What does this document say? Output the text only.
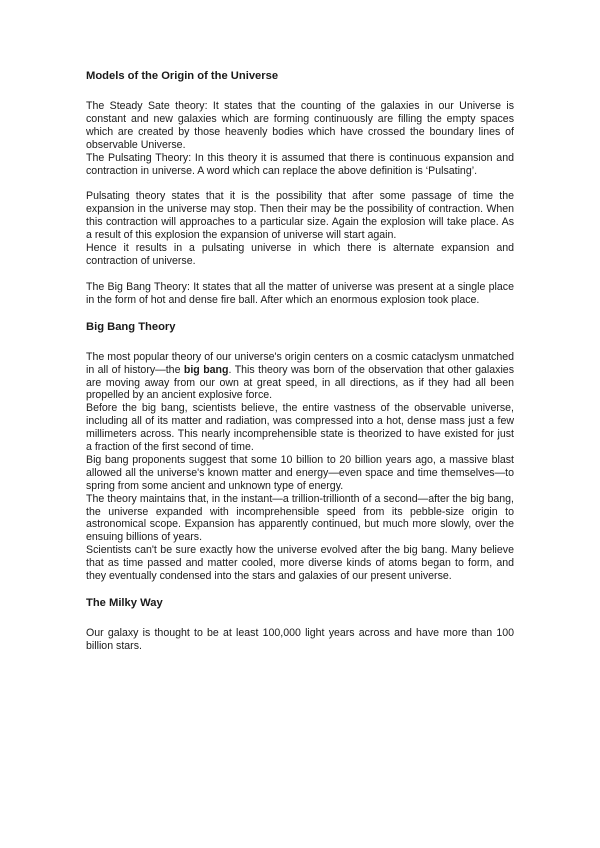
Models of the Origin of the Universe

The Steady Sate theory: It states that the counting of the galaxies in our Universe is constant and new galaxies which are forming continuously are filling the empty spaces which are created by those heavenly bodies which have crossed the boundary lines of observable Universe.

The Pulsating Theory: In this theory it is assumed that there is continuous expansion and contraction in universe. A word which can replace the above definition is ‘Pulsating’.

Pulsating theory states that it is the possibility that after some passage of time the expansion in the universe may stop. Then their may be the possibility of contraction. When this contraction will approaches to a particular size. Again the explosion will take place. As a result of this explosion the expansion of universe will start again.

Hence it results in a pulsating universe in which there is alternate expansion and contraction of universe.

The Big Bang Theory: It states that all the matter of universe was present at a single place in the form of hot and dense fire ball. After which an enormous explosion took place.

Big Bang Theory

The most popular theory of our universe's origin centers on a cosmic cataclysm unmatched in all of history—the big bang. This theory was born of the observation that other galaxies are moving away from our own at great speed, in all directions, as if they had all been propelled by an ancient explosive force.

Before the big bang, scientists believe, the entire vastness of the observable universe, including all of its matter and radiation, was compressed into a hot, dense mass just a few millimeters across. This nearly incomprehensible state is theorized to have existed for just a fraction of the first second of time.

Big bang proponents suggest that some 10 billion to 20 billion years ago, a massive blast allowed all the universe's known matter and energy—even space and time themselves—to spring from some ancient and unknown type of energy.

The theory maintains that, in the instant—a trillion-trillionth of a second—after the big bang, the universe expanded with incomprehensible speed from its pebble-size origin to astronomical scope. Expansion has apparently continued, but much more slowly, over the ensuing billions of years.

Scientists can't be sure exactly how the universe evolved after the big bang. Many believe that as time passed and matter cooled, more diverse kinds of atoms began to form, and they eventually condensed into the stars and galaxies of our present universe.

The Milky Way

Our galaxy is thought to be at least 100,000 light years across and have more than 100 billion stars.
